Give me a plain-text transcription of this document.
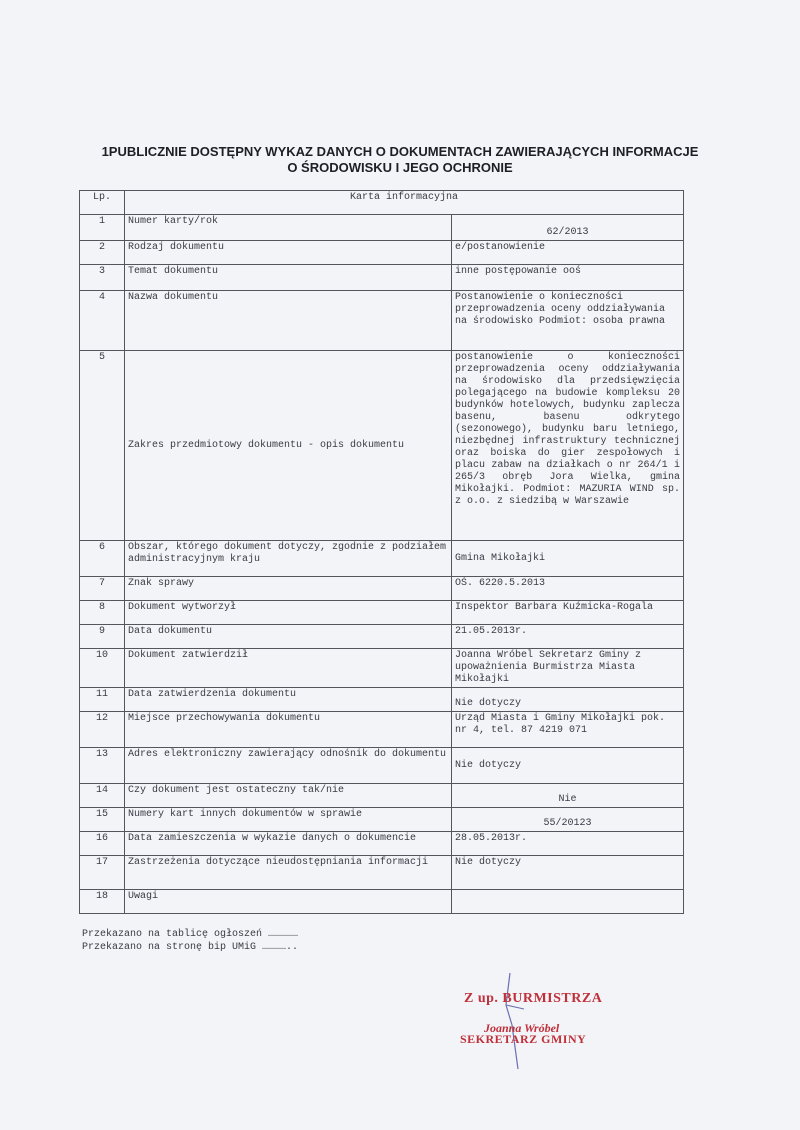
1PUBLICZNIE DOSTĘPNY WYKAZ DANYCH O DOKUMENTACH ZAWIERAJĄCYCH INFORMACJE
O ŚRODOWISKU I JEGO OCHRONIE
Lp.	Karta informacyjna	
1	Numer karty/rok	62/2013
2	Rodzaj dokumentu	e/postanowienie
3	Temat dokumentu	inne postępowanie ooś
4	Nazwa dokumentu	Postanowienie o konieczności przeprowadzenia oceny oddziaływania na środowisko Podmiot: osoba prawna
5	Zakres przedmiotowy dokumentu - opis dokumentu	postanowienie o konieczności przeprowadzenia oceny oddziaływania na środowisko dla przedsięwzięcia polegającego na budowie kompleksu 20 budynków hotelowych, budynku zaplecza basenu, basenu odkrytego (sezonowego), budynku baru letniego, niezbędnej infrastruktury technicznej oraz boiska do gier zespołowych i placu zabaw na działkach o nr 264/1 i 265/3 obręb Jora Wielka, gmina Mikołajki. Podmiot: MAZURIA WIND sp. z o.o. z siedzibą w Warszawie
6	Obszar, którego dokument dotyczy, zgodnie z podziałem administracyjnym kraju	Gmina Mikołajki
7	Znak sprawy	OŚ. 6220.5.2013
8	Dokument wytworzył	Inspektor Barbara Kuźmicka-Rogala
9	Data dokumentu	21.05.2013r.
10	Dokument zatwierdził	Joanna Wróbel Sekretarz Gminy z upoważnienia Burmistrza Miasta Mikołajki
11	Data zatwierdzenia dokumentu	Nie dotyczy
12	Miejsce przechowywania dokumentu	Urząd Miasta i Gminy Mikołajki pok. nr 4, tel. 87 4219 071
13	Adres elektroniczny zawierający odnośnik do dokumentu	Nie dotyczy
14	Czy dokument jest ostateczny tak/nie	Nie
15	Numery kart innych dokumentów w sprawie	55/20123
16	Data zamieszczenia w wykazie danych o dokumencie	28.05.2013r.
17	Zastrzeżenia dotyczące nieudostępniania informacji	Nie dotyczy
18	Uwagi	
Przekazano na tablicę ogłoszeń ……………
Przekazano na stronę bip UMiG …………..
Z up. BURMISTRZA
Joanna Wróbel
SEKRETARZ GMINY
